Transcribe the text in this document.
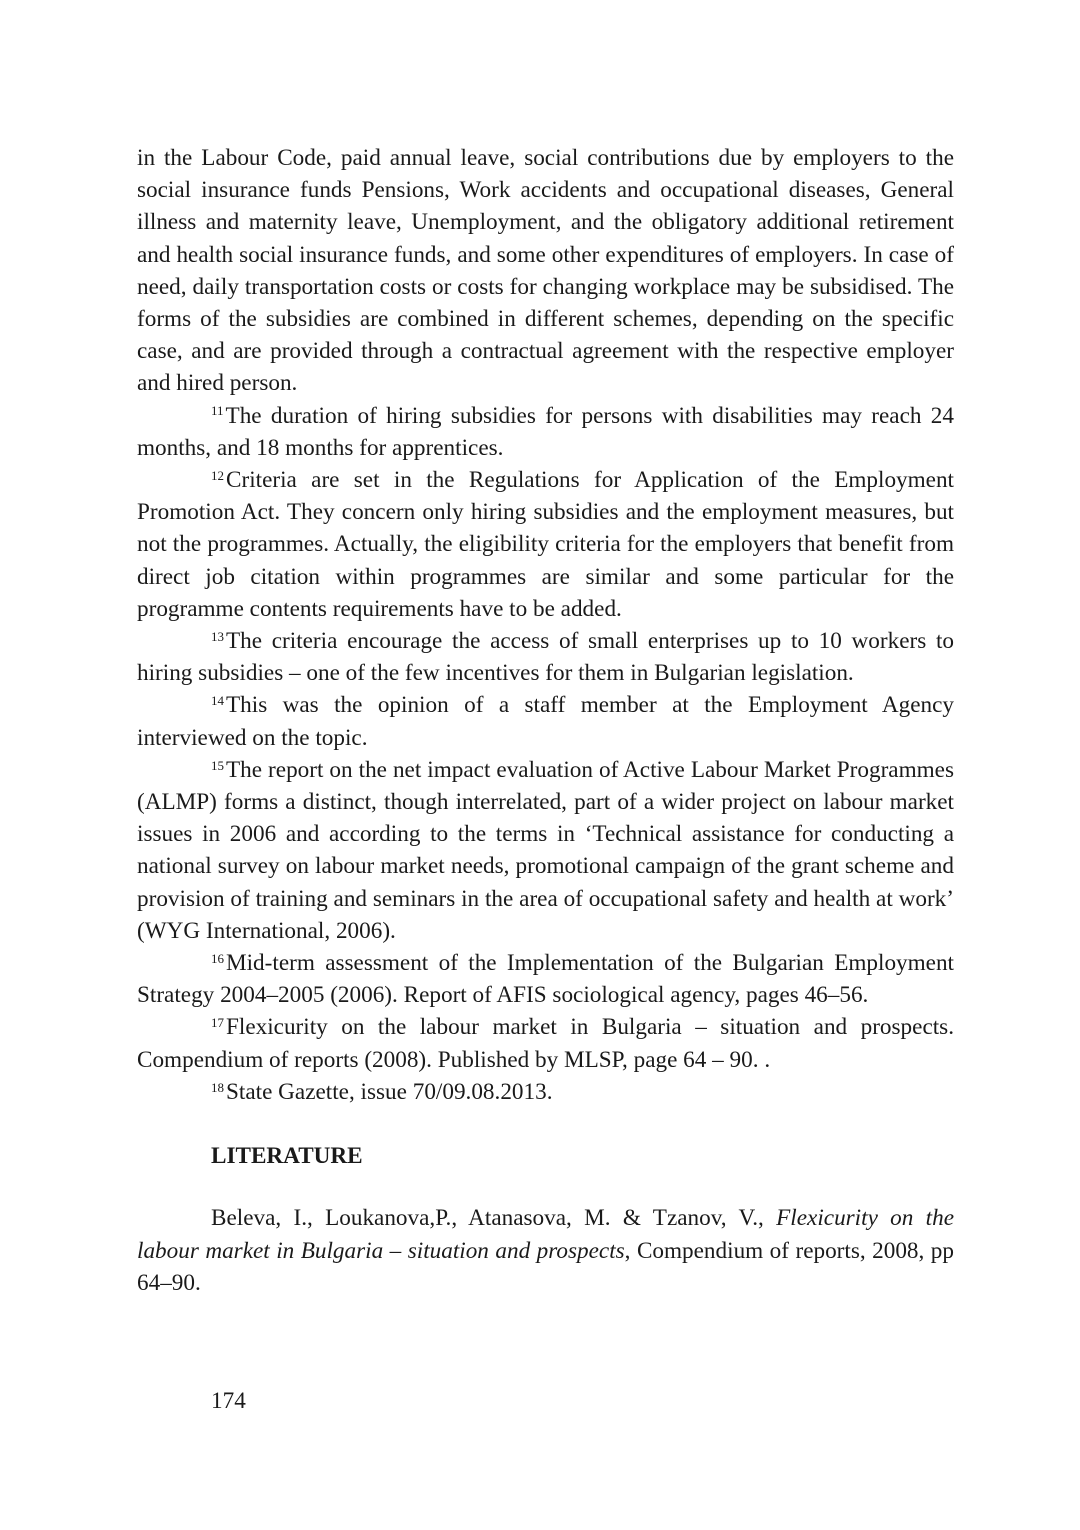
in the Labour Code, paid annual leave, social contributions due by employers to the social insurance funds Pensions, Work accidents and occupational diseases, General illness and maternity leave, Unemployment, and the obligatory additional retirement and health social insurance funds, and some other expenditures of employers. In case of need, daily transportation costs or costs for changing workplace may be subsidised. The forms of the subsidies are combined in different schemes, depending on the specific case, and are provided through a contractual agreement with the respective employer and hired person.

$^{11}$The duration of hiring subsidies for persons with disabilities may reach 24 months, and 18 months for apprentices.

$^{12}$Criteria are set in the Regulations for Application of the Employment Promotion Act. They concern only hiring subsidies and the employment measures, but not the programmes. Actually, the eligibility criteria for the employers that benefit from direct job citation within programmes are similar and some particular for the programme contents requirements have to be added.

$^{13}$The criteria encourage the access of small enterprises up to 10 workers to hiring subsidies – one of the few incentives for them in Bulgarian legislation.

$^{14}$This was the opinion of a staff member at the Employment Agency interviewed on the topic.

$^{15}$The report on the net impact evaluation of Active Labour Market Programmes (ALMP) forms a distinct, though interrelated, part of a wider project on labour market issues in 2006 and according to the terms in ‘Technical assistance for conducting a national survey on labour market needs, promotional campaign of the grant scheme and provision of training and seminars in the area of occupational safety and health at work’ (WYG International, 2006).

$^{16}$Mid-term assessment of the Implementation of the Bulgarian Employment Strategy 2004–2005 (2006). Report of AFIS sociological agency, pages 46–56.

$^{17}$Flexicurity on the labour market in Bulgaria – situation and prospects. Compendium of reports (2008). Published by MLSP, page 64 – 90. .

$^{18}$State Gazette, issue 70/09.08.2013.

LITERATURE

Beleva, I., Loukanova,P., Atanasova, M. & Tzanov, V., Flexicurity on the labour market in Bulgaria – situation and prospects, Compendium of reports, 2008, pp 64–90.

174
